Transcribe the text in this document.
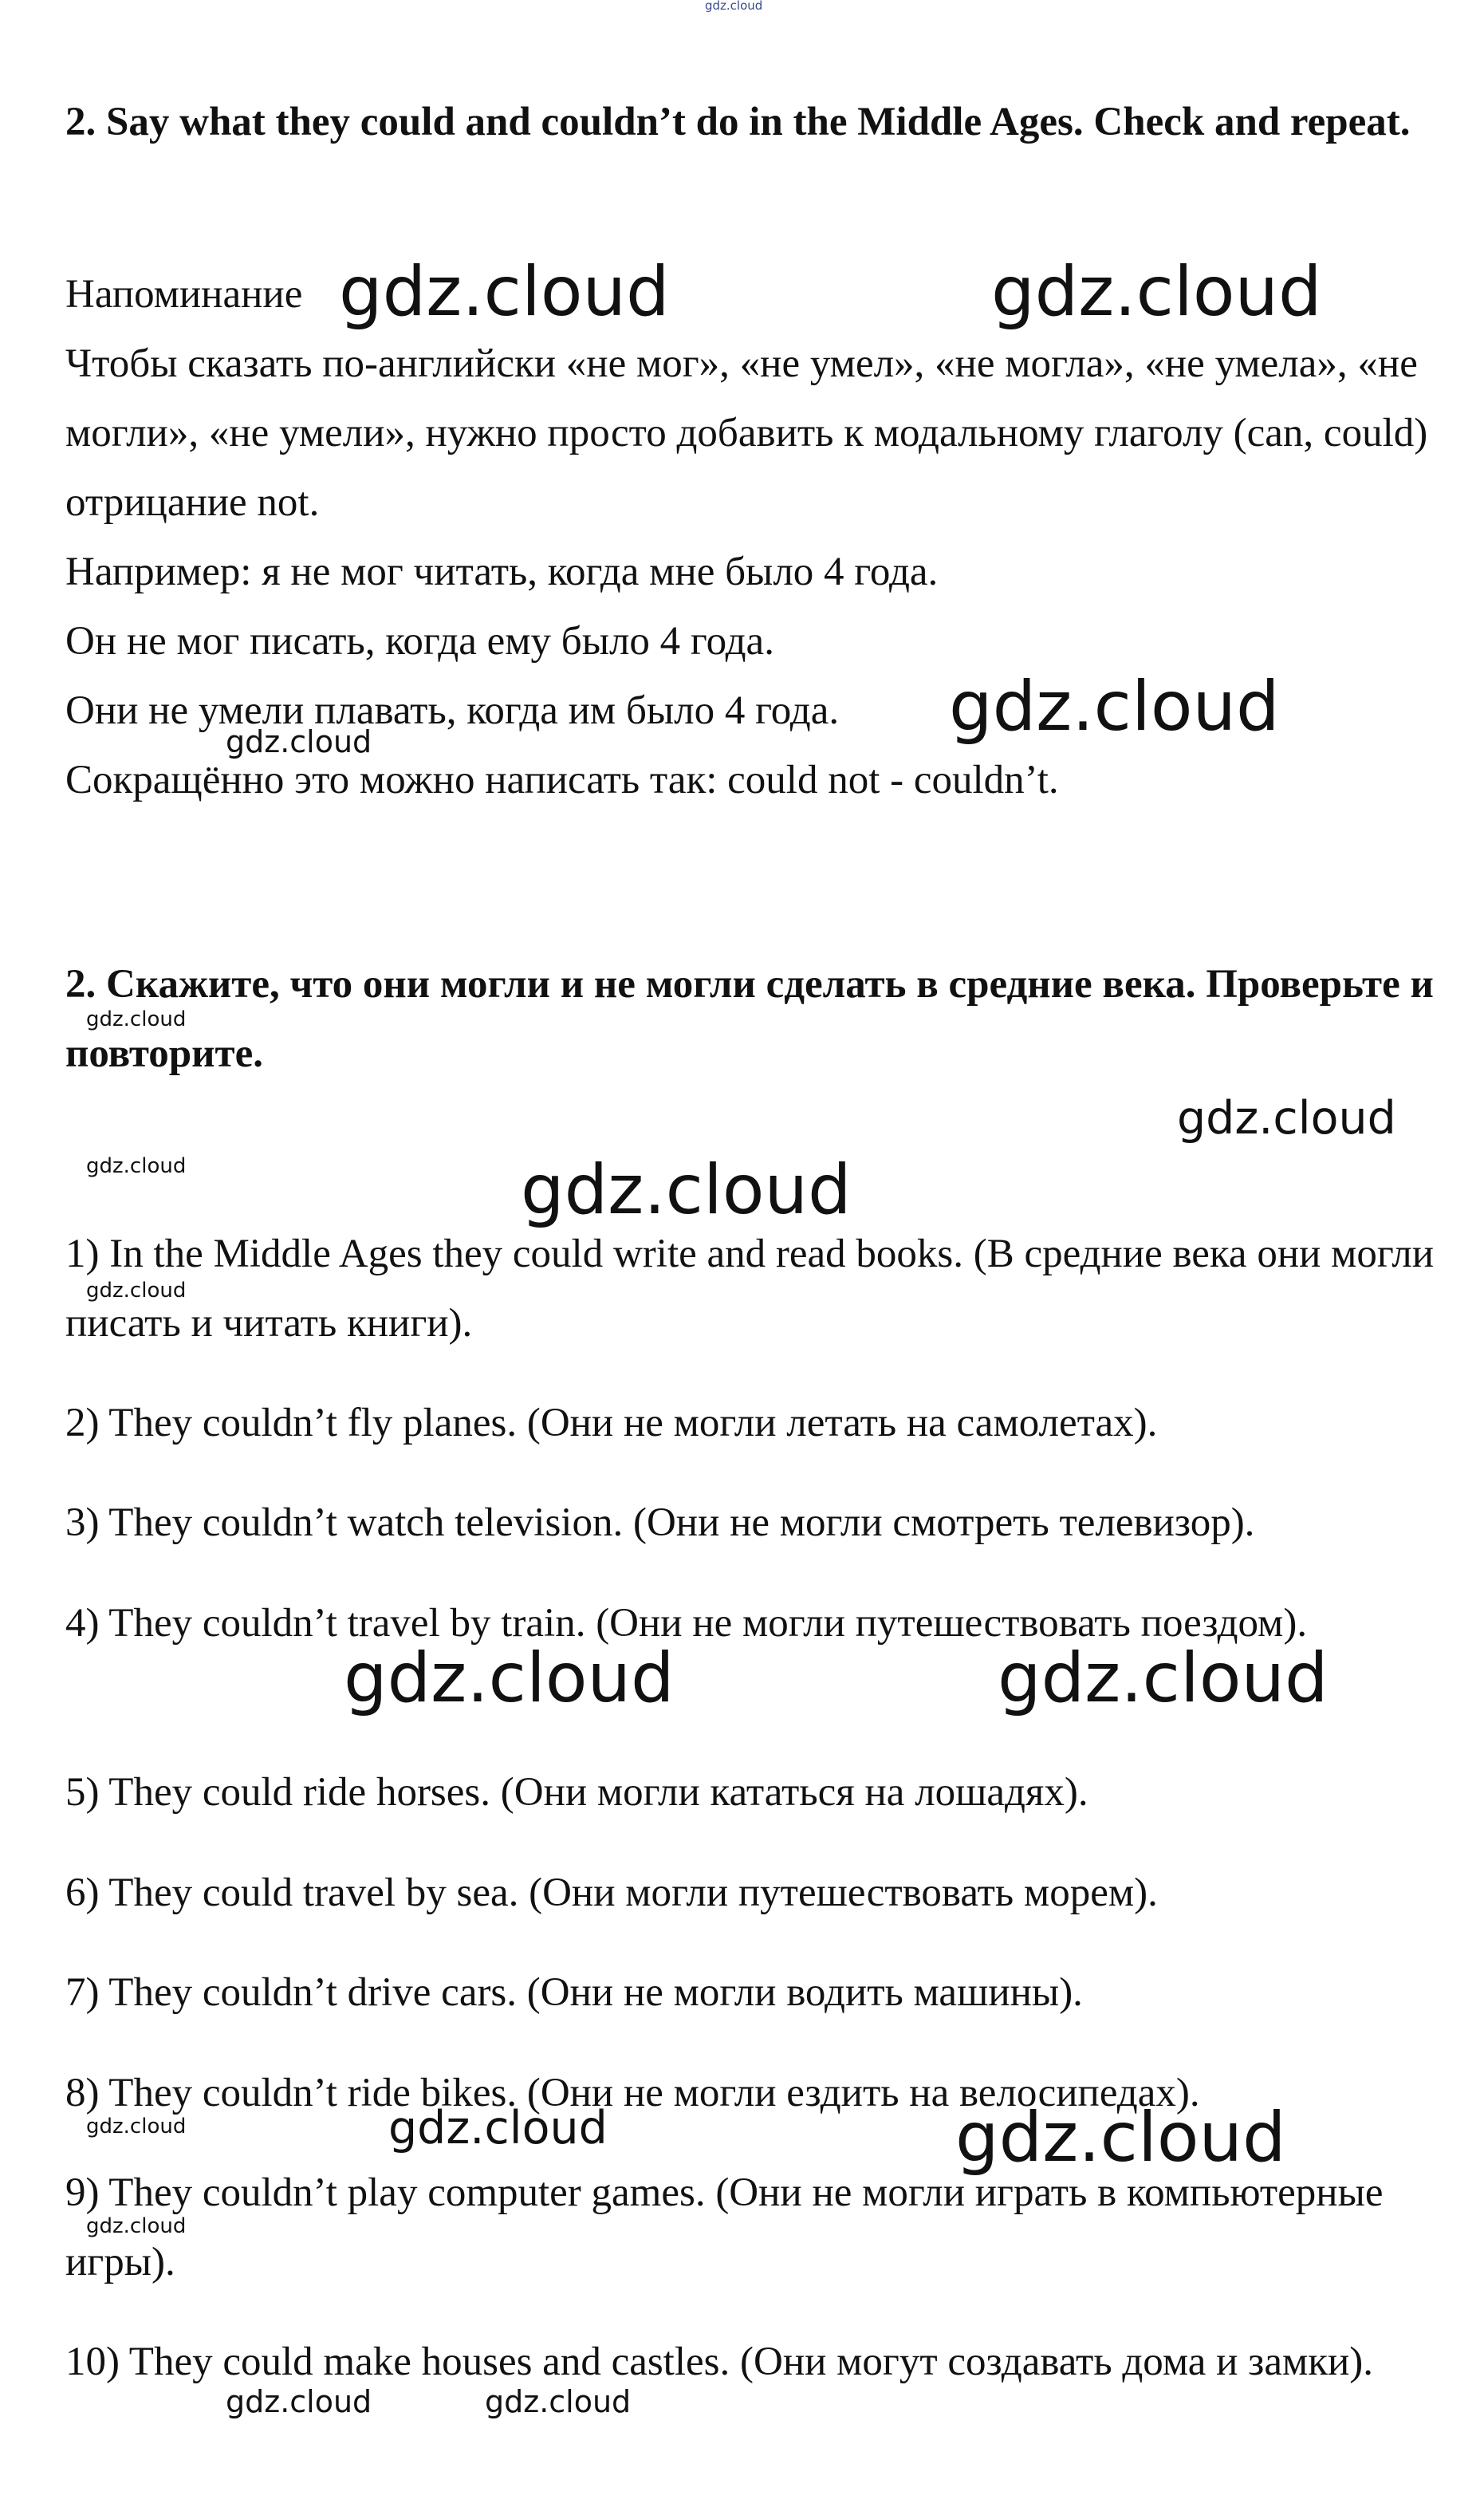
2. Say what they could and couldn’t do in the Middle Ages. Check and repeat.

Напоминание

Чтобы сказать по-английски «не мог», «не умел», «не могла», «не умела», «не могли», «не умели», нужно просто добавить к модальному глаголу (can, could) отрицание not.

Например: я не мог читать, когда мне было 4 года.

Он не мог писать, когда ему было 4 года.

Они не умели плавать, когда им было 4 года.

Сокращённо это можно написать так: could not - couldn’t.

2. Скажите, что они могли и не могли сделать в средние века. Проверьте и повторите.

1) In the Middle Ages they could write and read books. (В средние века они могли писать и читать книги).

2) They couldn’t fly planes. (Они не могли летать на самолетах).

3) They couldn’t watch television. (Они не могли смотреть телевизор).

4) They couldn’t travel by train. (Они не могли путешествовать поездом).

5) They could ride horses. (Они могли кататься на лошадях).

6) They could travel by sea. (Они могли путешествовать морем).

7) They couldn’t drive cars. (Они не могли водить машины).

8) They couldn’t ride bikes. (Они не могли ездить на велосипедах).

9) They couldn’t play computer games. (Они не могли играть в компьютерные игры).

10) They could make houses and castles. (Они могут создавать дома и замки).

gdz.cloud
gdz.cloud	gdz.cloud
gdz.cloud
gdz.cloud
gdz.cloud
gdz.cloud
gdz.cloud	gdz.cloud
gdz.cloud
gdz.cloud	gdz.cloud
gdz.cloud	gdz.cloud
gdz.cloud
gdz.cloud
gdz.cloud	gdz.cloud
